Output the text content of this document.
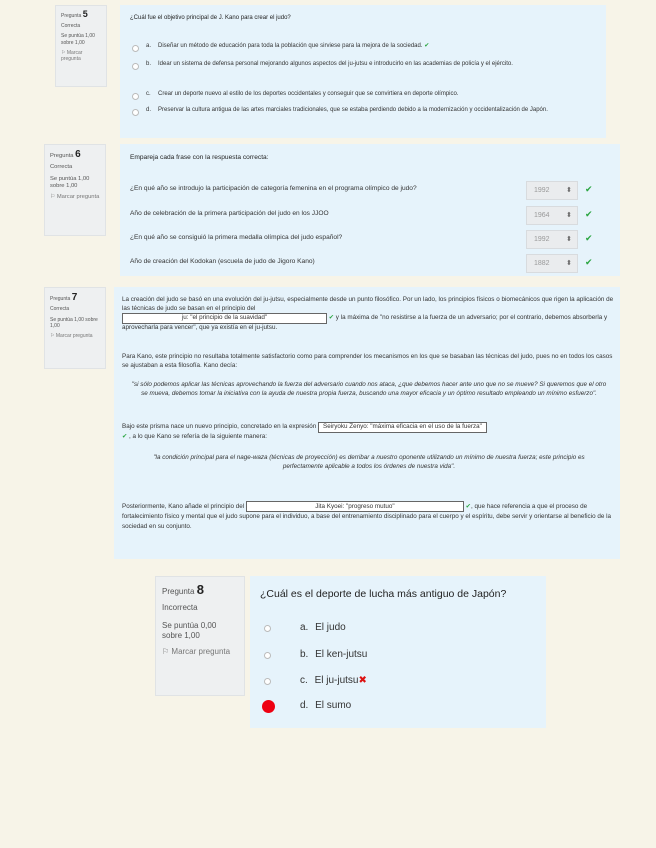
Pregunta 5
Correcta
Se puntúa 1,00 sobre 1,00
⚐ Marcar pregunta
¿Cuál fue el objetivo principal de J. Kano para crear el judo?
a. Diseñar un método de educación para toda la población que sirviese para la mejora de la sociedad. ✔
b. Idear un sistema de defensa personal mejorando algunos aspectos del ju-jutsu e introducirlo en las academias de policía y el ejército.
c. Crear un deporte nuevo al estilo de los deportes occidentales y conseguir que se convirtiera en deporte olímpico.
d. Preservar la cultura antigua de las artes marciales tradicionales, que se estaba perdiendo debido a la modernización y occidentalización de Japón.
Pregunta 6
Correcta
Se puntúa 1,00 sobre 1,00
⚐ Marcar pregunta
Empareja cada frase con la respuesta correcta:
¿En qué año se introdujo la participación de categoría femenina en el programa olímpico de judo?	1992 ⬍ ✔
Año de celebración de la primera participación del judo en los JJOO	1964 ⬍ ✔
¿En qué año se consiguió la primera medalla olímpica del judo español?	1992 ⬍ ✔
Año de creación del Kodokan (escuela de judo de Jigoro Kano)	1882 ⬍ ✔
Pregunta 7
Correcta
Se puntúa 1,00 sobre 1,00
⚐ Marcar pregunta
La creación del judo se basó en una evolución del ju-jutsu, especialmente desde un punto filosófico. Por un lado, los principios físicos o biomecánicos que rigen la aplicación de las técnicas de judo se basan en el principio del
ju: "el principio de la suavidad"	✔ y la máxima de "no resistirse a la fuerza de un adversario; por el contrario, debemos absorberla y aprovecharla para vencer", que ya existía en el ju-jutsu.
Para Kano, este principio no resultaba totalmente satisfactorio como para comprender los mecanismos en los que se basaban las técnicas del judo, pues no en todos los casos se ajustaban a esta filosofía. Kano decía:
"si sólo podemos aplicar las técnicas aprovechando la fuerza del adversario cuando nos ataca, ¿que debemos hacer ante uno que no se mueve? Si queremos que el otro se mueva, debemos tomar la iniciativa con la ayuda de nuestra propia fuerza, buscando una mayor eficacia y un óptimo resultado empleando un mínimo esfuerzo".
Bajo este prisma nace un nuevo principio, concretado en la expresión Seiryoku Zenyo: "máxima eficacia en el uso de la fuerza"
✔ , a lo que Kano se refería de la siguiente manera:
"la condición principal para el nage-waza (técnicas de proyección) es derribar a nuestro oponente utilizando un mínimo de nuestra fuerza; este principio es perfectamente aplicable a todos los órdenes de nuestra vida".
Posteriormente, Kano añade el principio del	Jita Kyoei: "progreso mutuo"	✔, que hace referencia a que el proceso de fortalecimiento físico y mental que el judo supone para el individuo, a base del entrenamiento disciplinado para el cuerpo y el espíritu, debe servir y orientarse al beneficio de la sociedad en su conjunto.
Pregunta 8
Incorrecta
Se puntúa 0,00 sobre 1,00
⚐ Marcar pregunta
¿Cuál es el deporte de lucha más antiguo de Japón?
a. El judo
b. El ken-jutsu
c. El ju-jutsu✖
d. El sumo
